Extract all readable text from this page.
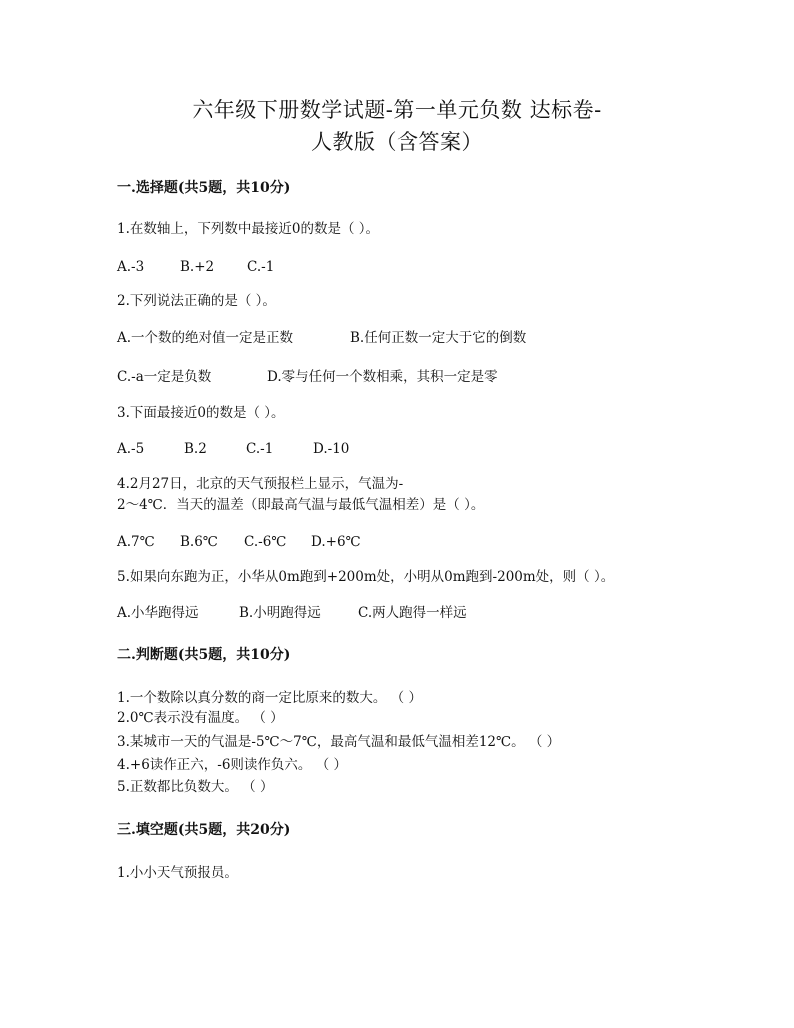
六年级下册数学试题-第一单元负数 达标卷-
人教版（含答案）
一.选择题(共5题，共10分)
1.在数轴上，下列数中最接近0的数是（ ）。
A.-3	B.+2 C.-1
2.下列说法正确的是（ ）。
A.一个数的绝对值一定是正数	B.任何正数一定大于它的倒数
C.-a一定是负数	D.零与任何一个数相乘，其积一定是零
3.下面最接近0的数是（ ）。
A.-5	B.2	C.-1	D.-10
4.2月27日，北京的天气预报栏上显示，气温为-
2～4℃．当天的温差（即最高气温与最低气温相差）是（ ）。
A.7℃ B.6℃ C.-6℃ D.+6℃
5.如果向东跑为正，小华从0m跑到+200m处，小明从0m跑到-200m处，则（ ）。
A.小华跑得远	B.小明跑得远	C.两人跑得一样远
二.判断题(共5题，共10分)
1.一个数除以真分数的商一定比原来的数大。 （ ）
2.0℃表示没有温度。 （ ）
3.某城市一天的气温是-5℃～7℃，最高气温和最低气温相差12℃。 （ ）
4.+6读作正六，-6则读作负六。 （ ）
5.正数都比负数大。 （ ）
三.填空题(共5题，共20分)
1.小小天气预报员。
